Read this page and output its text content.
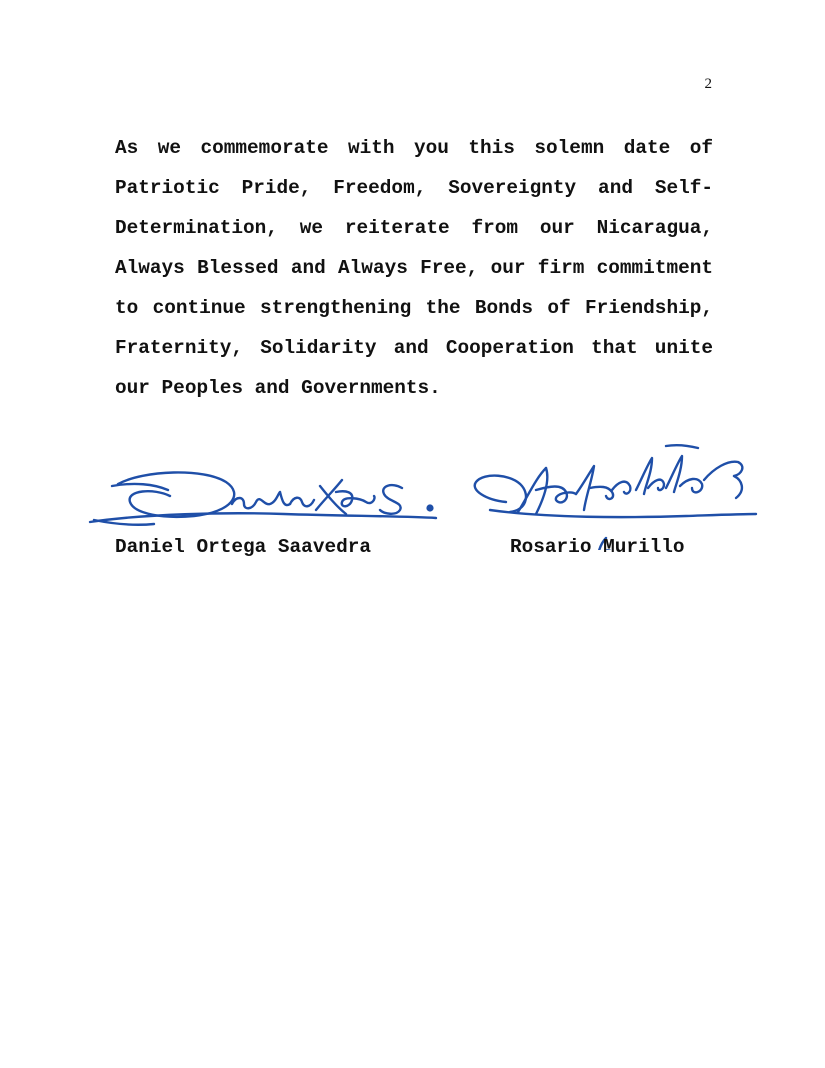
2

As we commemorate with you this solemn date of Patriotic Pride, Freedom, Sovereignty and Self-Determination, we reiterate from our Nicaragua, Always Blessed and Always Free, our firm commitment to continue strengthening the Bonds of Friendship, Fraternity, Solidarity and Cooperation that unite our Peoples and Governments.

Daniel Ortega Saavedra	Rosario Murillo
